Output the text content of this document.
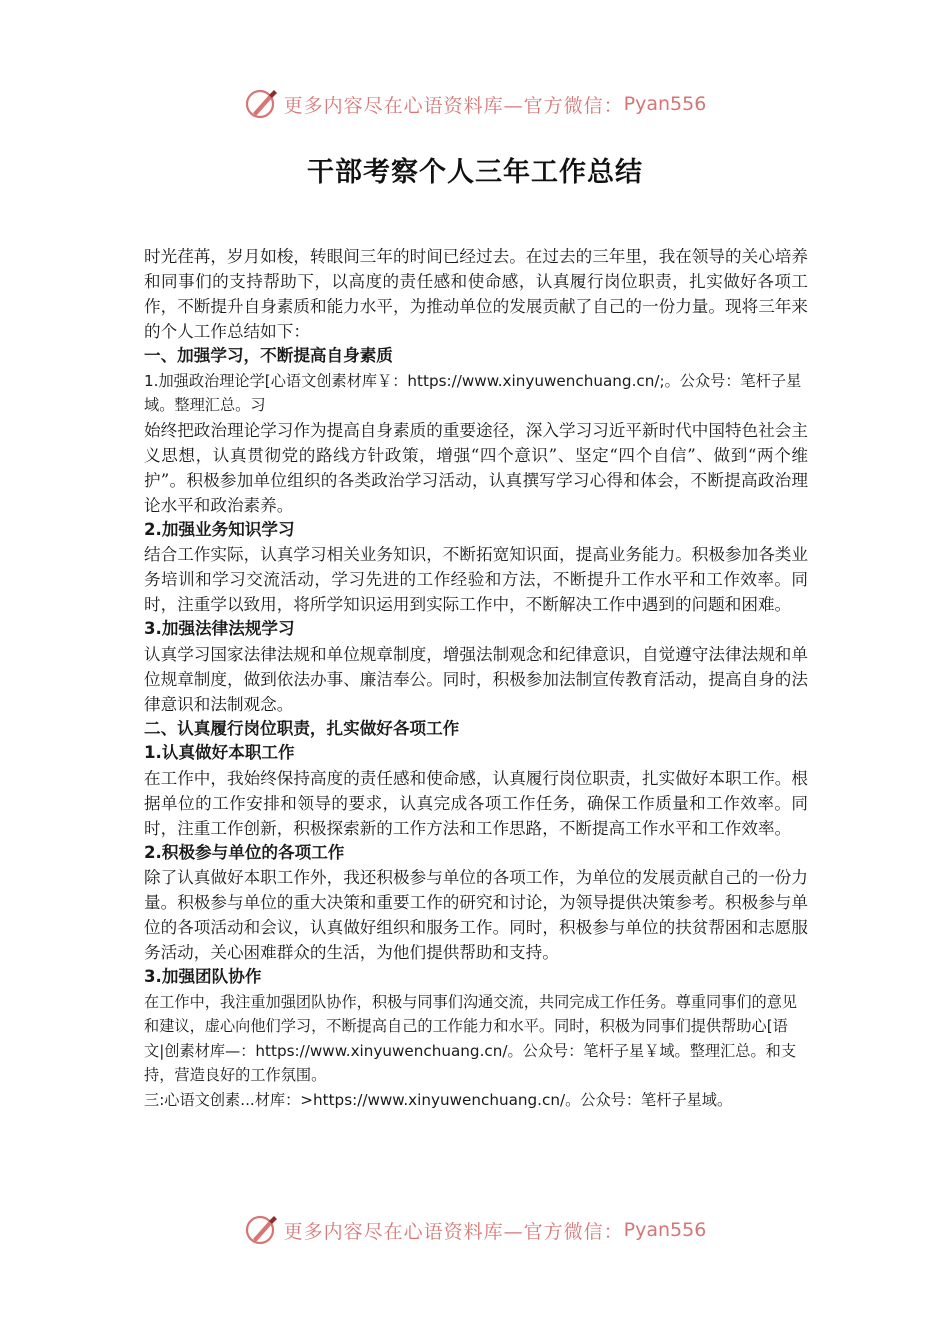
更多内容尽在心语资料库—官方微信： Pyan556
干部考察个人三年工作总结

时光荏苒，岁月如梭，转眼间三年的时间已经过去。在过去的三年里，我在领导的关心培养和同事们的支持帮助下，以高度的责任感和使命感，认真履行岗位职责，扎实做好各项工作，不断提升自身素质和能力水平，为推动单位的发展贡献了自己的一份力量。现将三年来的个人工作总结如下：

一、加强学习，不断提高自身素质

1.加强政治理论学[心语文创素材库￥：https://www.xinyuwenchuang.cn/;。公众号：笔杆子星域。整理汇总。习

始终把政治理论学习作为提高自身素质的重要途径，深入学习习近平新时代中国特色社会主义思想，认真贯彻党的路线方针政策，增强“四个意识”、坚定“四个自信”、做到“两个维护”。积极参加单位组织的各类政治学习活动，认真撰写学习心得和体会，不断提高政治理论水平和政治素养。

2.加强业务知识学习

结合工作实际，认真学习相关业务知识，不断拓宽知识面，提高业务能力。积极参加各类业务培训和学习交流活动，学习先进的工作经验和方法，不断提升工作水平和工作效率。同时，注重学以致用，将所学知识运用到实际工作中，不断解决工作中遇到的问题和困难。

3.加强法律法规学习

认真学习国家法律法规和单位规章制度，增强法制观念和纪律意识，自觉遵守法律法规和单位规章制度，做到依法办事、廉洁奉公。同时，积极参加法制宣传教育活动，提高自身的法律意识和法制观念。

二、认真履行岗位职责，扎实做好各项工作

1.认真做好本职工作

在工作中，我始终保持高度的责任感和使命感，认真履行岗位职责，扎实做好本职工作。根据单位的工作安排和领导的要求，认真完成各项工作任务，确保工作质量和工作效率。同时，注重工作创新，积极探索新的工作方法和工作思路，不断提高工作水平和工作效率。

2.积极参与单位的各项工作

除了认真做好本职工作外，我还积极参与单位的各项工作，为单位的发展贡献自己的一份力量。积极参与单位的重大决策和重要工作的研究和讨论，为领导提供决策参考。积极参与单位的各项活动和会议，认真做好组织和服务工作。同时，积极参与单位的扶贫帮困和志愿服务活动，关心困难群众的生活，为他们提供帮助和支持。

3.加强团队协作

在工作中，我注重加强团队协作，积极与同事们沟通交流，共同完成工作任务。尊重同事们的意见和建议，虚心向他们学习，不断提高自己的工作能力和水平。同时，积极为同事们提供帮助心[语文|创素材库—：https://www.xinyuwenchuang.cn/。公众号：笔杆子星￥域。整理汇总。和支持，营造良好的工作氛围。

三:心语文创素...材库：>https://www.xinyuwenchuang.cn/。公众号：笔杆子星域。

更多内容尽在心语资料库—官方微信： Pyan556
